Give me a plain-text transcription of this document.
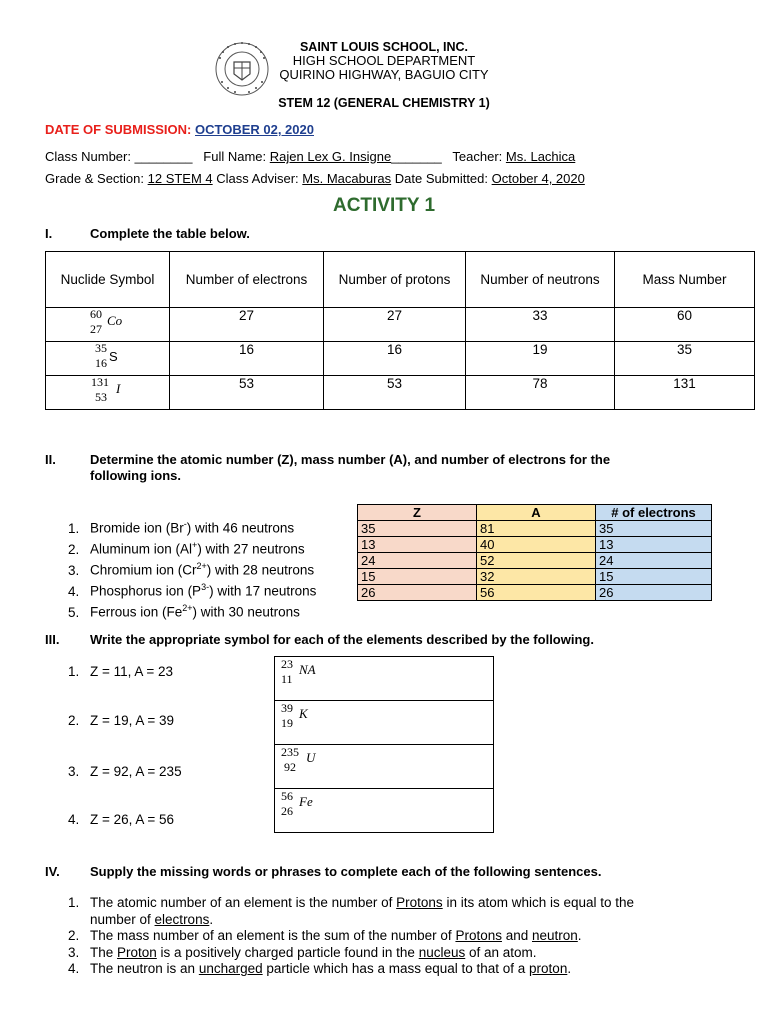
SAINT LOUIS SCHOOL, INC.
HIGH SCHOOL DEPARTMENT
QUIRINO HIGHWAY, BAGUIO CITY
STEM 12 (GENERAL CHEMISTRY 1)
DATE OF SUBMISSION: OCTOBER 02, 2020
Class Number: ________ Full Name: Rajen Lex G. Insigne_______ Teacher: Ms. Lachica
Grade & Section: 12 STEM 4 Class Adviser: Ms. Macaburas Date Submitted: October 4, 2020
ACTIVITY 1
I.	Complete the table below.
Nuclide Symbol	Number of electrons	Number of protons	Number of neutrons	Mass Number

60
27
Co	27	27	33	60

35
16 S	16	16	19	35

131
53
I	53	53	78	131
II.	Determine the atomic number (Z), mass number (A), and number of electrons for the
following ions.
1. Bromide ion (Br-) with 46 neutrons
2. Aluminum ion (Al+) with 27 neutrons
3. Chromium ion $(Cr^{2+})$ with 28 neutrons
4. Phosphorus ion $(P^{3-})$ with 17 neutrons
5. Ferrous ion $(Fe^{2+})$ with 30 neutrons
Z	A	# of electrons
35	81	35
13	40	13
24	52	24
15	32	15
26	56	26
III. Write the appropriate symbol for each of the elements described by the following.
1. Z = 11, A = 23
2. Z = 19, A = 39
3. Z = 92, A = 235
4. Z = 26, A = 56
23
11
NA

39
19
K

235
92
U

56
26
Fe
IV. Supply the missing words or phrases to complete each of the following sentences.
1. The atomic number of an element is the number of Protons in its atom which is equal to the
number of electrons.
2. The mass number of an element is the sum of the number of Protons and neutron.
3. The Proton is a positively charged particle found in the nucleus of an atom.
4. The neutron is an uncharged particle which has a mass equal to that of a proton.
